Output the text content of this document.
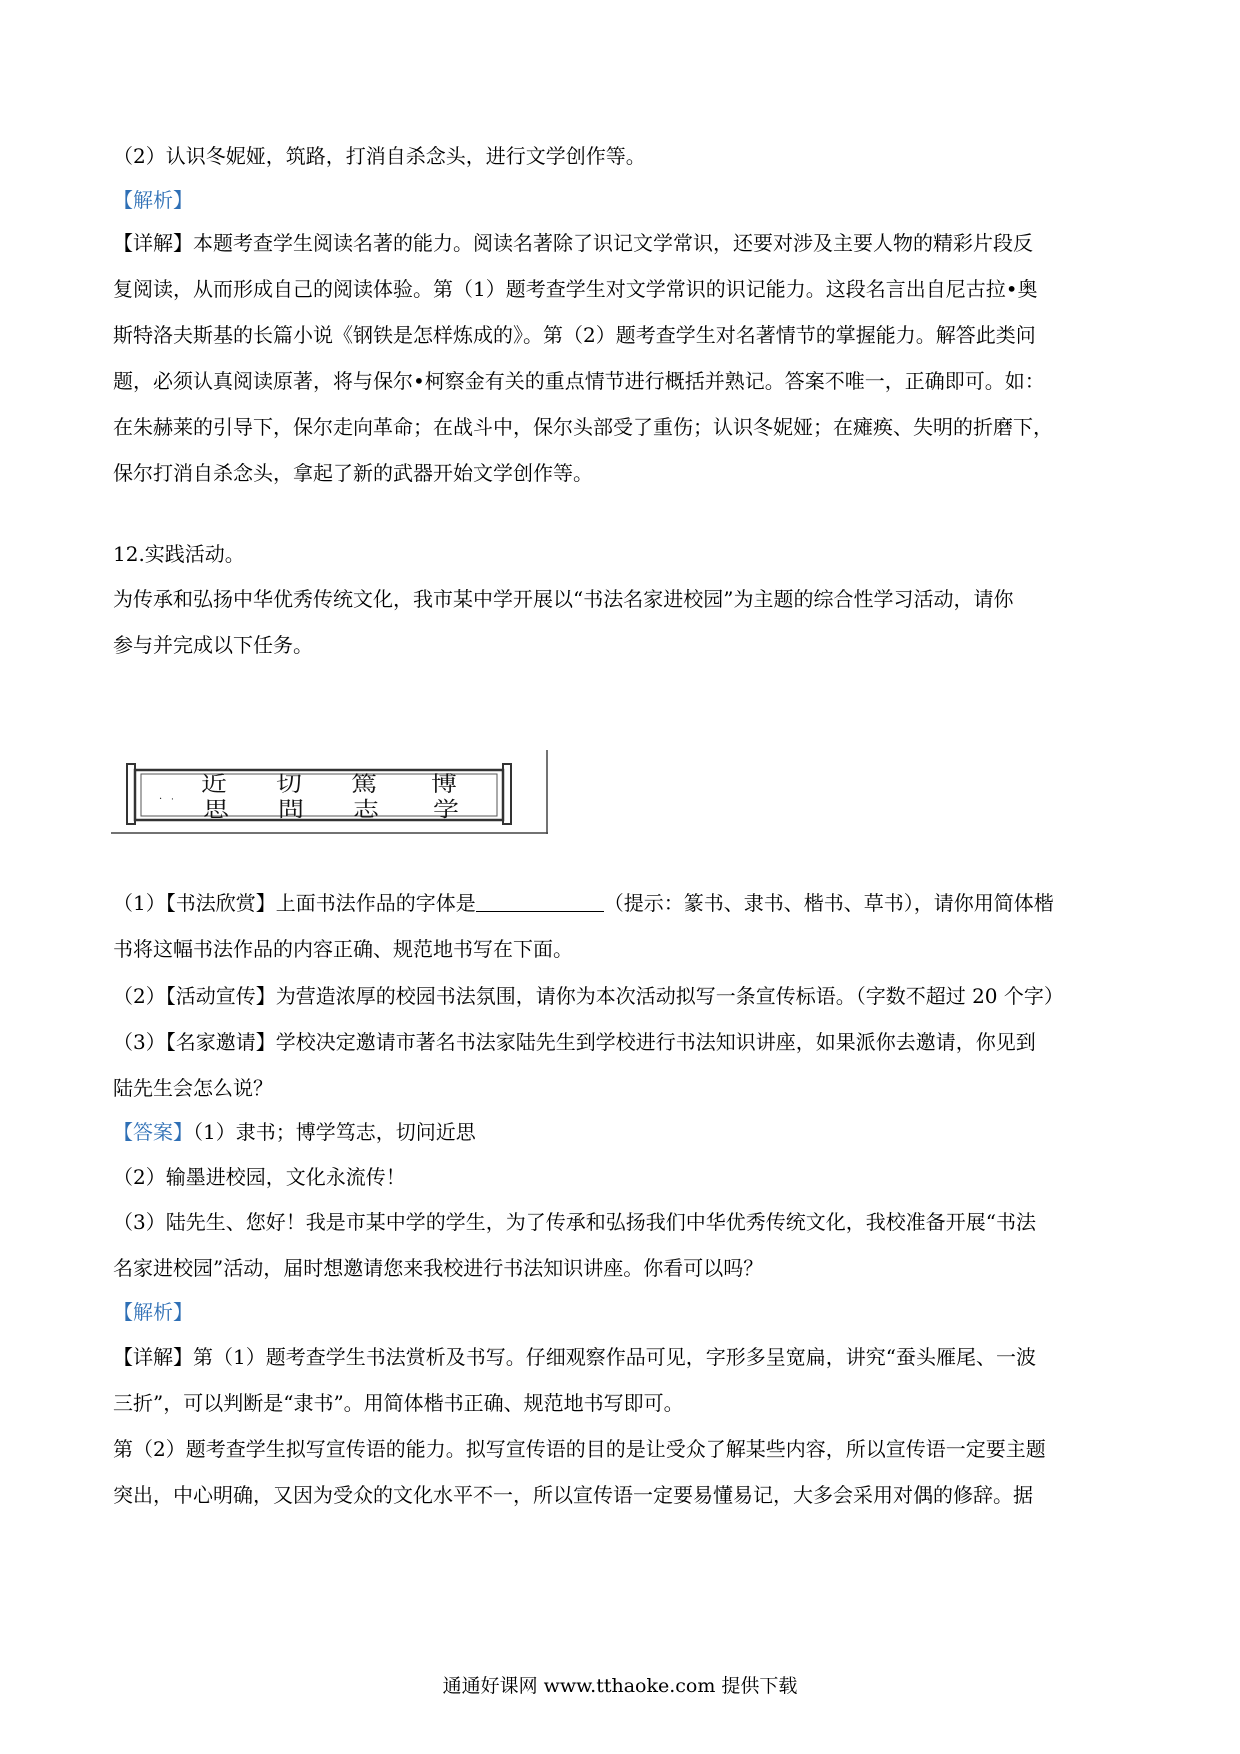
（2）认识冬妮娅，筑路，打消自杀念头，进行文学创作等。
【解析】
【详解】本题考查学生阅读名著的能力。阅读名著除了识记文学常识，还要对涉及主要人物的精彩片段反
复阅读，从而形成自己的阅读体验。第（1）题考查学生对文学常识的识记能力。这段名言出自尼古拉•奥
斯特洛夫斯基的长篇小说《钢铁是怎样炼成的》。第（2）题考查学生对名著情节的掌握能力。解答此类问
题，必须认真阅读原著，将与保尔•柯察金有关的重点情节进行概括并熟记。答案不唯一，正确即可。如：
在朱赫莱的引导下，保尔走向革命；在战斗中，保尔头部受了重伤；认识冬妮娅；在瘫痪、失明的折磨下，
保尔打消自杀念头，拿起了新的武器开始文学创作等。
12.实践活动。
为传承和弘扬中华优秀传统文化，我市某中学开展以“书法名家进校园”为主题的综合性学习活动，请你
参与并完成以下任务。
· ·
近 切 篤 博
思 問 志 学
（1）【书法欣赏】上面书法作品的字体是	（提示：篆书、隶书、楷书、草书），请你用简体楷
书将这幅书法作品的内容正确、规范地书写在下面。
（2）【活动宣传】为营造浓厚的校园书法氛围，请你为本次活动拟写一条宣传标语。（字数不超过 20 个字）
（3）【名家邀请】学校决定邀请市著名书法家陆先生到学校进行书法知识讲座，如果派你去邀请，你见到
陆先生会怎么说？
【答案】（1）隶书；博学笃志，切问近思
（2）输墨进校园，文化永流传！
（3）陆先生、您好！我是市某中学的学生，为了传承和弘扬我们中华优秀传统文化，我校准备开展“书法
名家进校园”活动，届时想邀请您来我校进行书法知识讲座。你看可以吗？
【解析】
【详解】第（1）题考查学生书法赏析及书写。仔细观察作品可见，字形多呈宽扁，讲究“蚕头雁尾、一波
三折”，可以判断是“隶书”。用简体楷书正确、规范地书写即可。
第（2）题考查学生拟写宣传语的能力。拟写宣传语的目的是让受众了解某些内容，所以宣传语一定要主题
突出，中心明确，又因为受众的文化水平不一，所以宣传语一定要易懂易记，大多会采用对偶的修辞。据
通通好课网 www.tthaoke.com 提供下载
